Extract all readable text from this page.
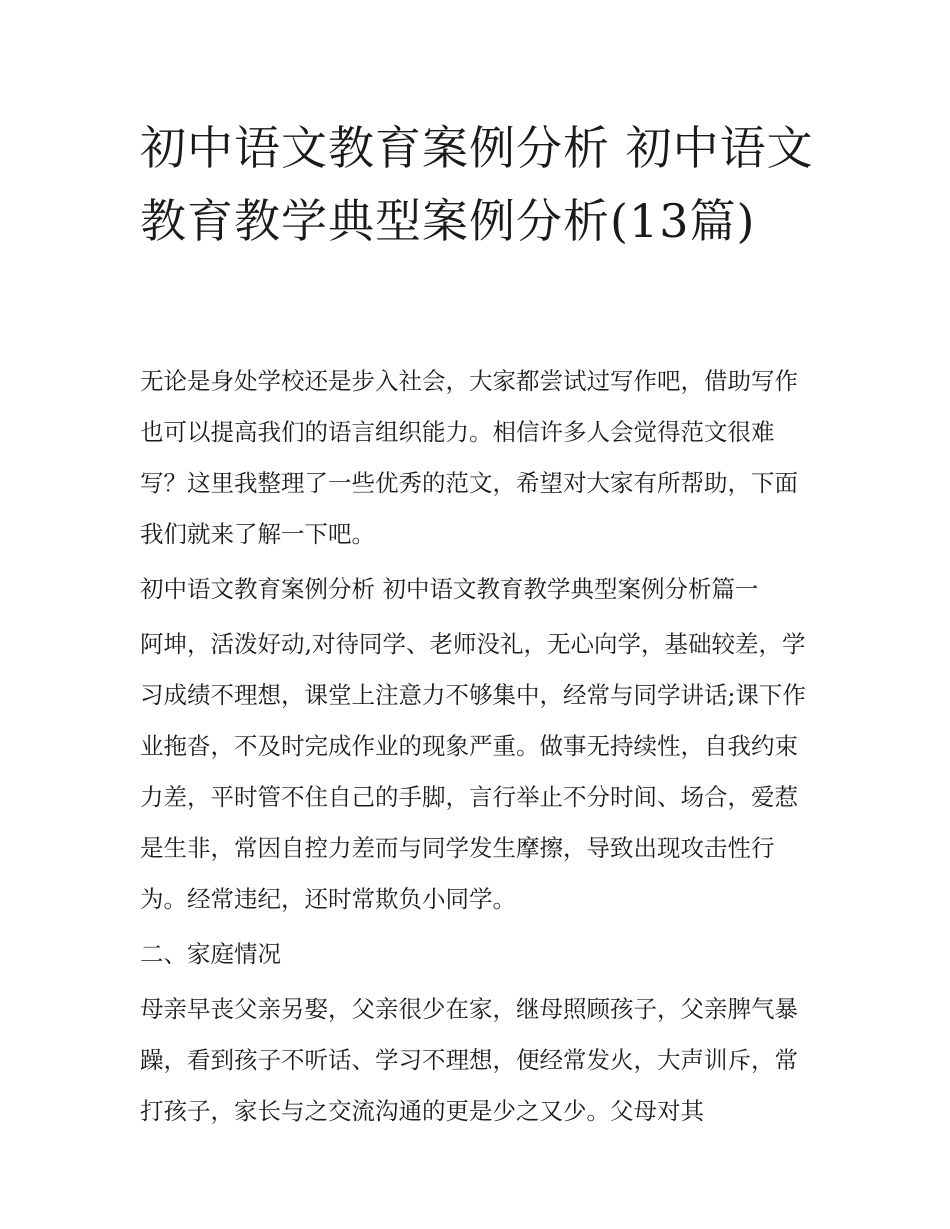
初中语文教育案例分析 初中语文教育教学典型案例分析(13篇)

无论是身处学校还是步入社会，大家都尝试过写作吧，借助写作也可以提高我们的语言组织能力。相信许多人会觉得范文很难写？这里我整理了一些优秀的范文，希望对大家有所帮助，下面我们就来了解一下吧。

初中语文教育案例分析 初中语文教育教学典型案例分析篇一

阿坤，活泼好动,对待同学、老师没礼，无心向学，基础较差，学习成绩不理想，课堂上注意力不够集中，经常与同学讲话;课下作业拖沓，不及时完成作业的现象严重。做事无持续性，自我约束力差，平时管不住自己的手脚，言行举止不分时间、场合，爱惹是生非，常因自控力差而与同学发生摩擦，导致出现攻击性行为。经常违纪，还时常欺负小同学。

二、家庭情况

母亲早丧父亲另娶，父亲很少在家，继母照顾孩子，父亲脾气暴躁，看到孩子不听话、学习不理想，便经常发火，大声训斥，常打孩子，家长与之交流沟通的更是少之又少。父母对其
